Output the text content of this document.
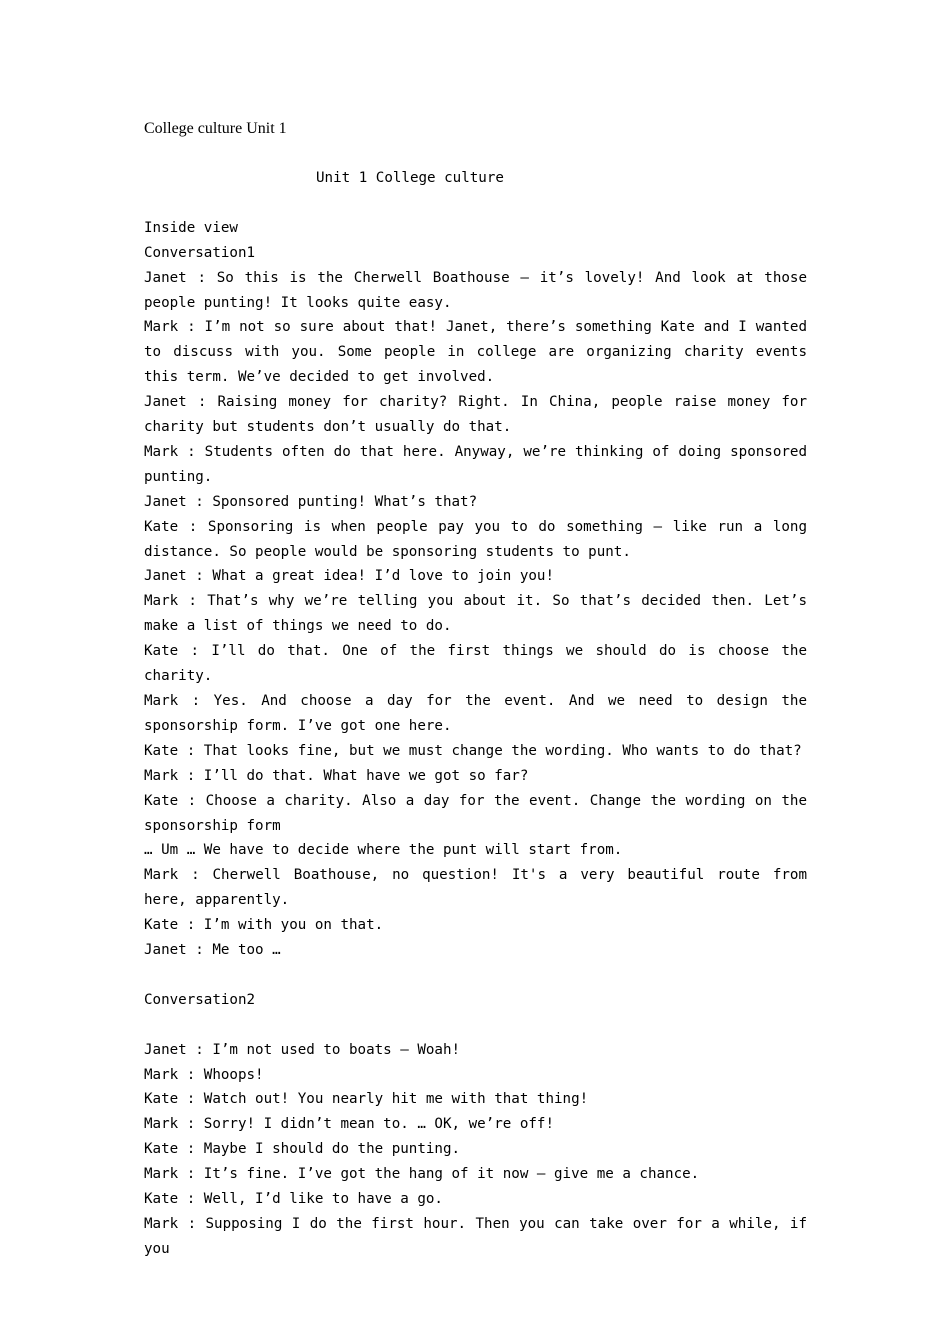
College culture Unit 1
Unit 1 College culture
Inside view
Conversation1
Janet : So this is the Cherwell Boathouse – it’s lovely! And look at those people punting! It looks quite easy.
Mark : I’m not so sure about that! Janet, there’s something Kate and I wanted to discuss with you. Some people in college are organizing charity events this term. We’ve decided to get involved.
Janet : Raising money for charity? Right. In China, people raise money for charity but students don’t usually do that.
Mark : Students often do that here. Anyway, we’re thinking of doing sponsored punting.
Janet : Sponsored punting! What’s that?
Kate : Sponsoring is when people pay you to do something – like run a long distance. So people would be sponsoring students to punt.
Janet : What a great idea! I’d love to join you!
Mark : That’s why we’re telling you about it. So that’s decided then. Let’s make a list of things we need to do.
Kate : I’ll do that. One of the first things we should do is choose the charity.
Mark : Yes. And choose a day for the event. And we need to design the sponsorship form. I’ve got one here.
Kate : That looks fine, but we must change the wording. Who wants to do that?
Mark : I’ll do that. What have we got so far?
Kate : Choose a charity. Also a day for the event. Change the wording on the sponsorship form
… Um … We have to decide where the punt will start from.
Mark : Cherwell Boathouse, no question! It's a very beautiful route from here, apparently.
Kate : I’m with you on that.
Janet : Me too …
Conversation2
Janet : I’m not used to boats – Woah!
Mark : Whoops!
Kate : Watch out! You nearly hit me with that thing!
Mark : Sorry! I didn’t mean to. … OK, we’re off!
Kate : Maybe I should do the punting.
Mark : It’s fine. I’ve got the hang of it now – give me a chance.
Kate : Well, I’d like to have a go.
Mark : Supposing I do the first hour. Then you can take over for a while, if you
